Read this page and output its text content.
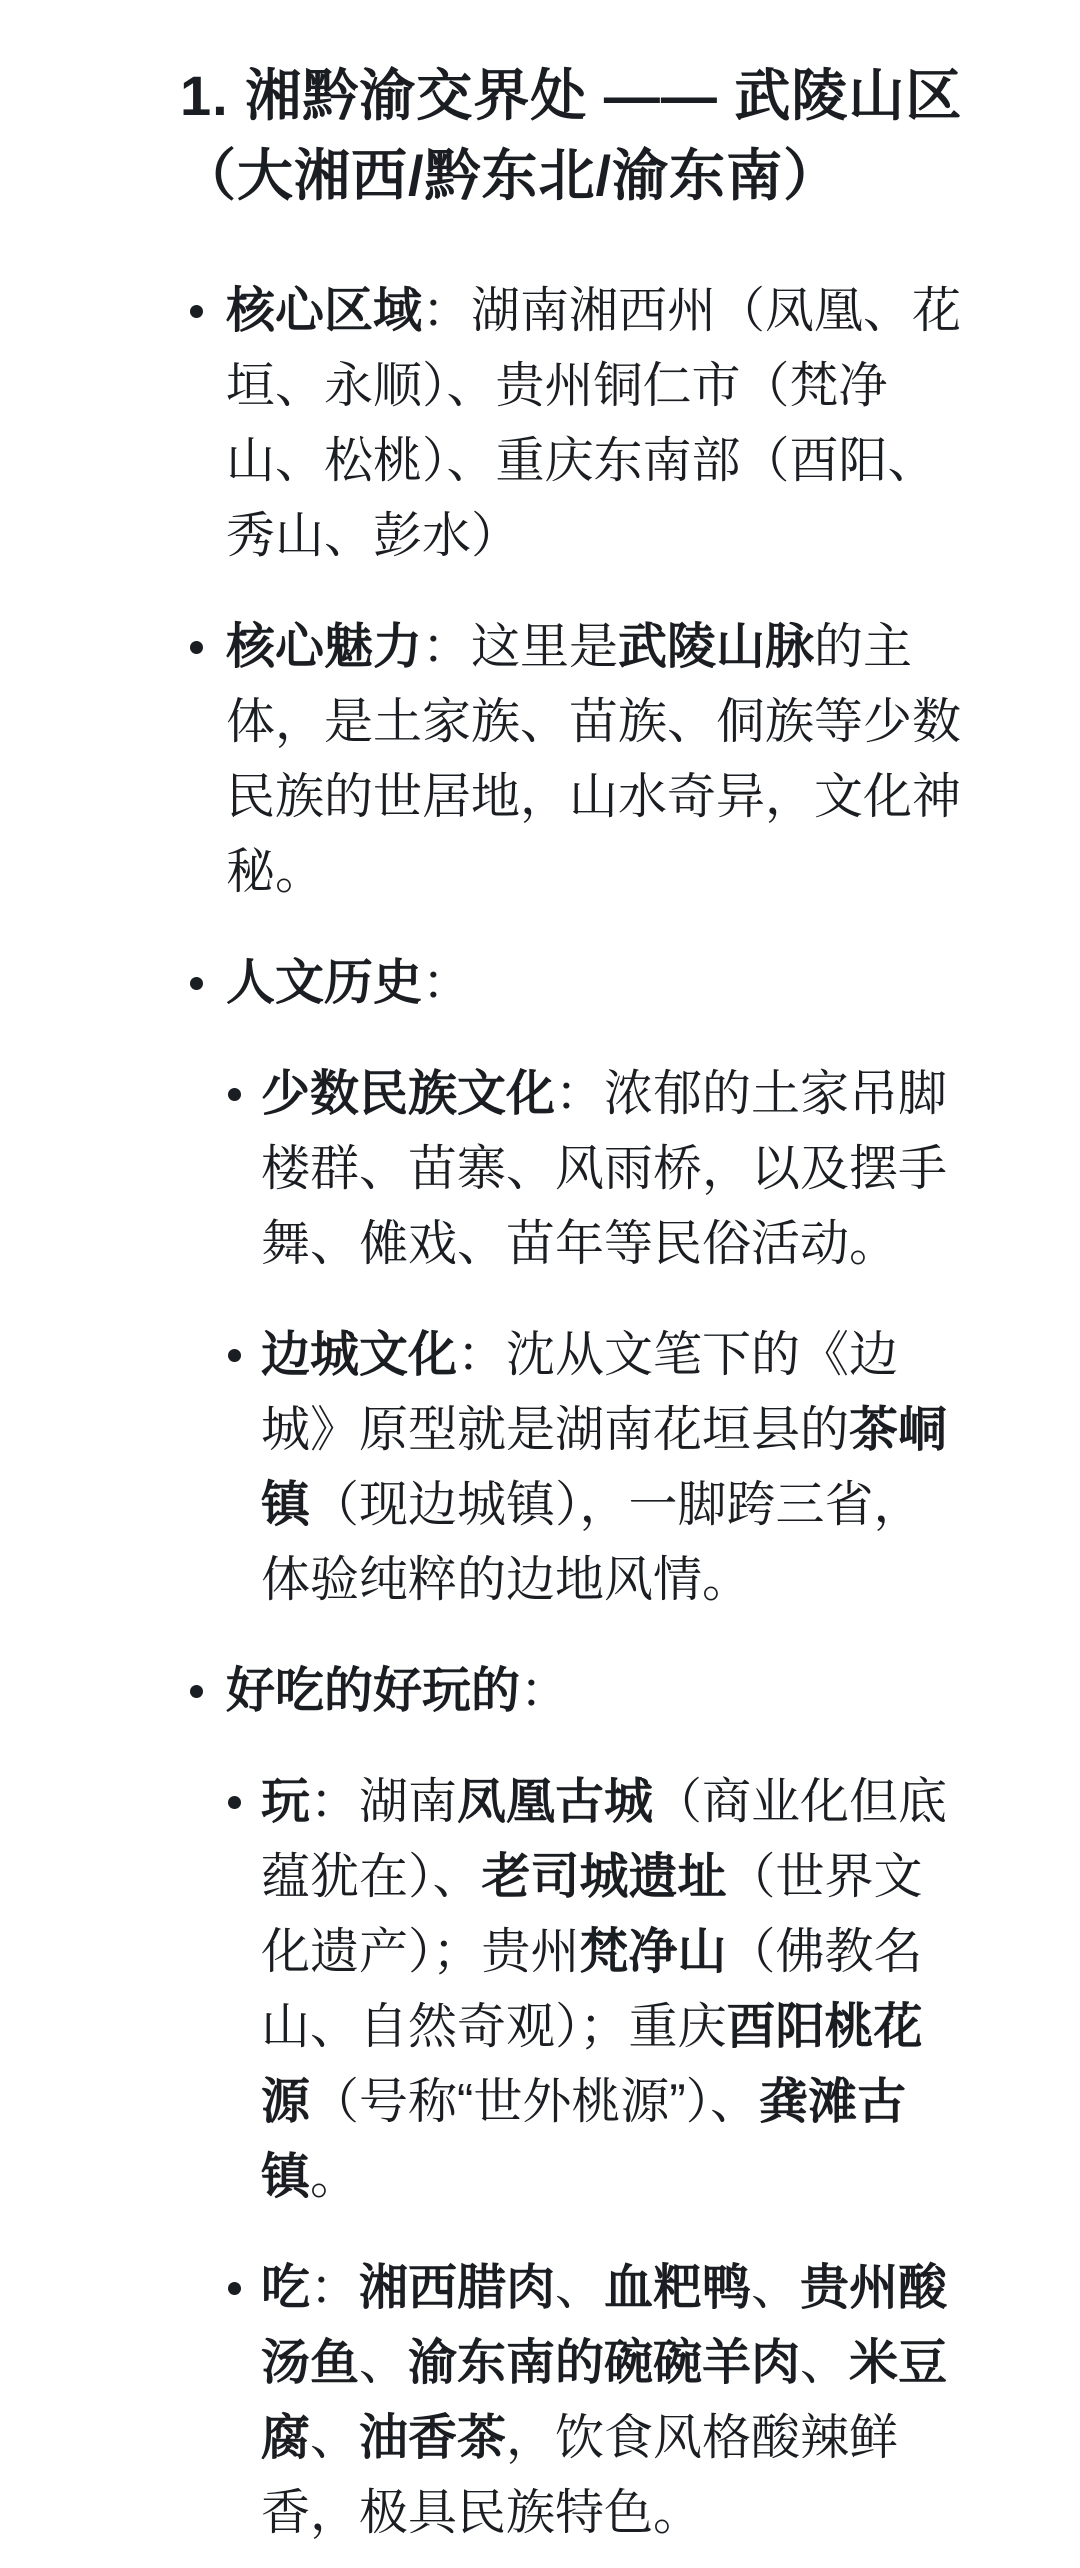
1. 湘黔渝交界处 —— 武陵山区
（大湘西/黔东北/渝东南）

核心区域：湖南湘西州（凤凰、花垣、永顺）、贵州铜仁市（梵净山、松桃）、重庆东南部（酉阳、秀山、彭水）

核心魅力：这里是武陵山脉的主体，是土家族、苗族、侗族等少数民族的世居地，山水奇异，文化神秘。

人文历史：

少数民族文化：浓郁的土家吊脚楼群、苗寨、风雨桥，以及摆手舞、傩戏、苗年等民俗活动。

边城文化：沈从文笔下的《边城》原型就是湖南花垣县的茶峒镇（现边城镇），一脚跨三省，体验纯粹的边地风情。

好吃的好玩的：

玩：湖南凤凰古城（商业化但底蕴犹在）、老司城遗址（世界文化遗产）；贵州梵净山（佛教名山、自然奇观）；重庆酉阳桃花源（号称“世外桃源”）、龚滩古镇。

吃：湘西腊肉、血粑鸭、贵州酸汤鱼、渝东南的碗碗羊肉、米豆腐、油香茶，饮食风格酸辣鲜香，极具民族特色。
